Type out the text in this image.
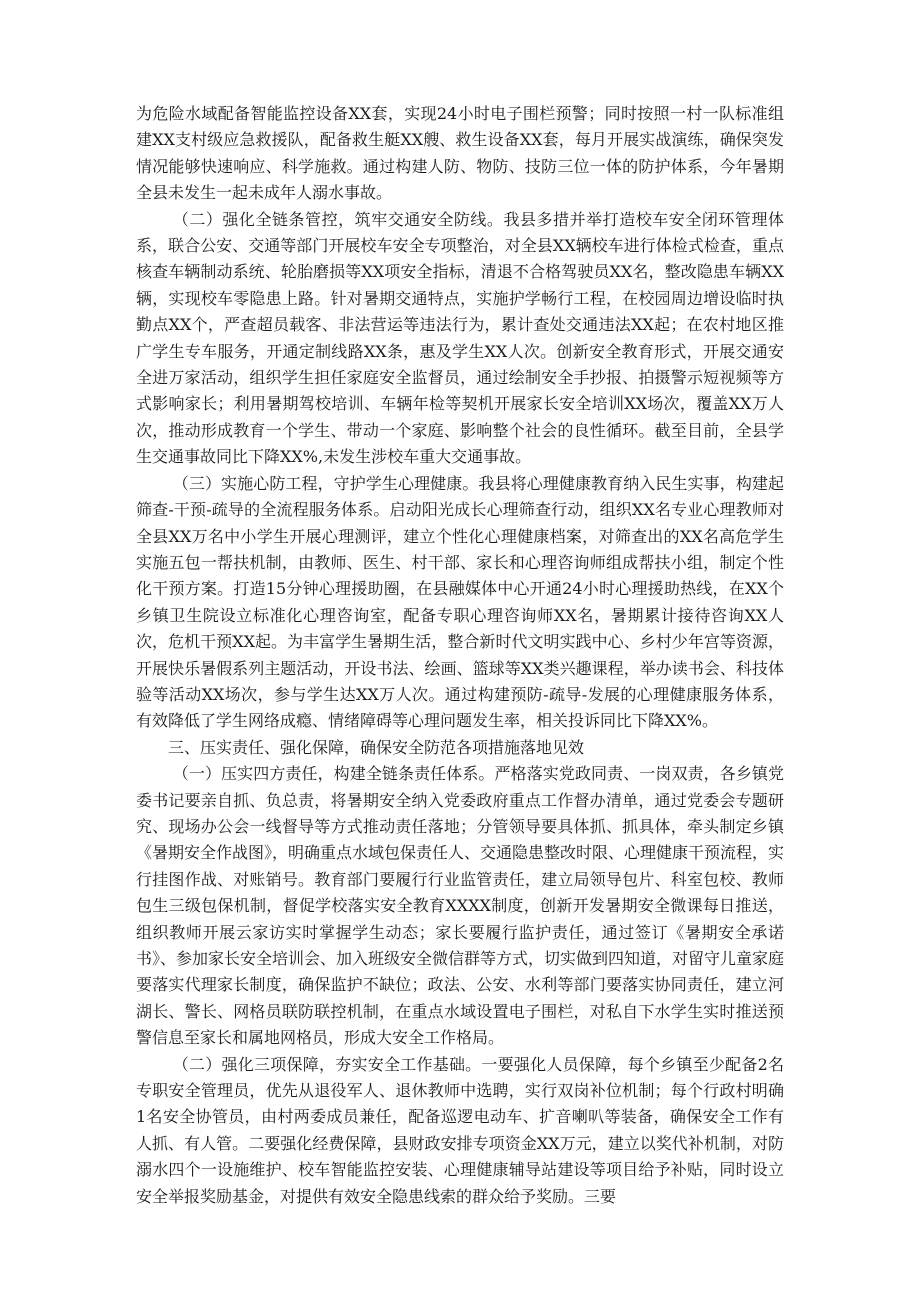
为危险水域配备智能监控设备XX套，实现24小时电子围栏预警；同时按照一村一队标准组建XX支村级应急救援队，配备救生艇XX艘、救生设备XX套，每月开展实战演练，确保突发情况能够快速响应、科学施救。通过构建人防、物防、技防三位一体的防护体系，今年暑期全县未发生一起未成年人溺水事故。

（二）强化全链条管控，筑牢交通安全防线。我县多措并举打造校车安全闭环管理体系，联合公安、交通等部门开展校车安全专项整治，对全县XX辆校车进行体检式检查，重点核查车辆制动系统、轮胎磨损等XX项安全指标，清退不合格驾驶员XX名，整改隐患车辆XX辆，实现校车零隐患上路。针对暑期交通特点，实施护学畅行工程，在校园周边增设临时执勤点XX个，严查超员载客、非法营运等违法行为，累计查处交通违法XX起；在农村地区推广学生专车服务，开通定制线路XX条，惠及学生XX人次。创新安全教育形式，开展交通安全进万家活动，组织学生担任家庭安全监督员，通过绘制安全手抄报、拍摄警示短视频等方式影响家长；利用暑期驾校培训、车辆年检等契机开展家长安全培训XX场次，覆盖XX万人次，推动形成教育一个学生、带动一个家庭、影响整个社会的良性循环。截至目前，全县学生交通事故同比下降XX%,未发生涉校车重大交通事故。

（三）实施心防工程，守护学生心理健康。我县将心理健康教育纳入民生实事，构建起筛查-干预-疏导的全流程服务体系。启动阳光成长心理筛查行动，组织XX名专业心理教师对全县XX万名中小学生开展心理测评，建立个性化心理健康档案，对筛查出的XX名高危学生实施五包一帮扶机制，由教师、医生、村干部、家长和心理咨询师组成帮扶小组，制定个性化干预方案。打造15分钟心理援助圈，在县融媒体中心开通24小时心理援助热线，在XX个乡镇卫生院设立标准化心理咨询室，配备专职心理咨询师XX名，暑期累计接待咨询XX人次，危机干预XX起。为丰富学生暑期生活，整合新时代文明实践中心、乡村少年宫等资源，开展快乐暑假系列主题活动，开设书法、绘画、篮球等XX类兴趣课程，举办读书会、科技体验等活动XX场次，参与学生达XX万人次。通过构建预防-疏导-发展的心理健康服务体系，有效降低了学生网络成瘾、情绪障碍等心理问题发生率，相关投诉同比下降XX%。

三、压实责任、强化保障，确保安全防范各项措施落地见效

（一）压实四方责任，构建全链条责任体系。严格落实党政同责、一岗双责，各乡镇党委书记要亲自抓、负总责，将暑期安全纳入党委政府重点工作督办清单，通过党委会专题研究、现场办公会一线督导等方式推动责任落地；分管领导要具体抓、抓具体，牵头制定乡镇《暑期安全作战图》，明确重点水域包保责任人、交通隐患整改时限、心理健康干预流程，实行挂图作战、对账销号。教育部门要履行行业监管责任，建立局领导包片、科室包校、教师包生三级包保机制，督促学校落实安全教育XXXX制度，创新开发暑期安全微课每日推送，组织教师开展云家访实时掌握学生动态；家长要履行监护责任，通过签订《暑期安全承诺书》、参加家长安全培训会、加入班级安全微信群等方式，切实做到四知道，对留守儿童家庭要落实代理家长制度，确保监护不缺位；政法、公安、水利等部门要落实协同责任，建立河湖长、警长、网格员联防联控机制，在重点水域设置电子围栏，对私自下水学生实时推送预警信息至家长和属地网格员，形成大安全工作格局。

（二）强化三项保障，夯实安全工作基础。一要强化人员保障，每个乡镇至少配备2名专职安全管理员，优先从退役军人、退休教师中选聘，实行双岗补位机制；每个行政村明确1名安全协管员，由村两委成员兼任，配备巡逻电动车、扩音喇叭等装备，确保安全工作有人抓、有人管。二要强化经费保障，县财政安排专项资金XX万元，建立以奖代补机制，对防溺水四个一设施维护、校车智能监控安装、心理健康辅导站建设等项目给予补贴，同时设立安全举报奖励基金，对提供有效安全隐患线索的群众给予奖励。三要
